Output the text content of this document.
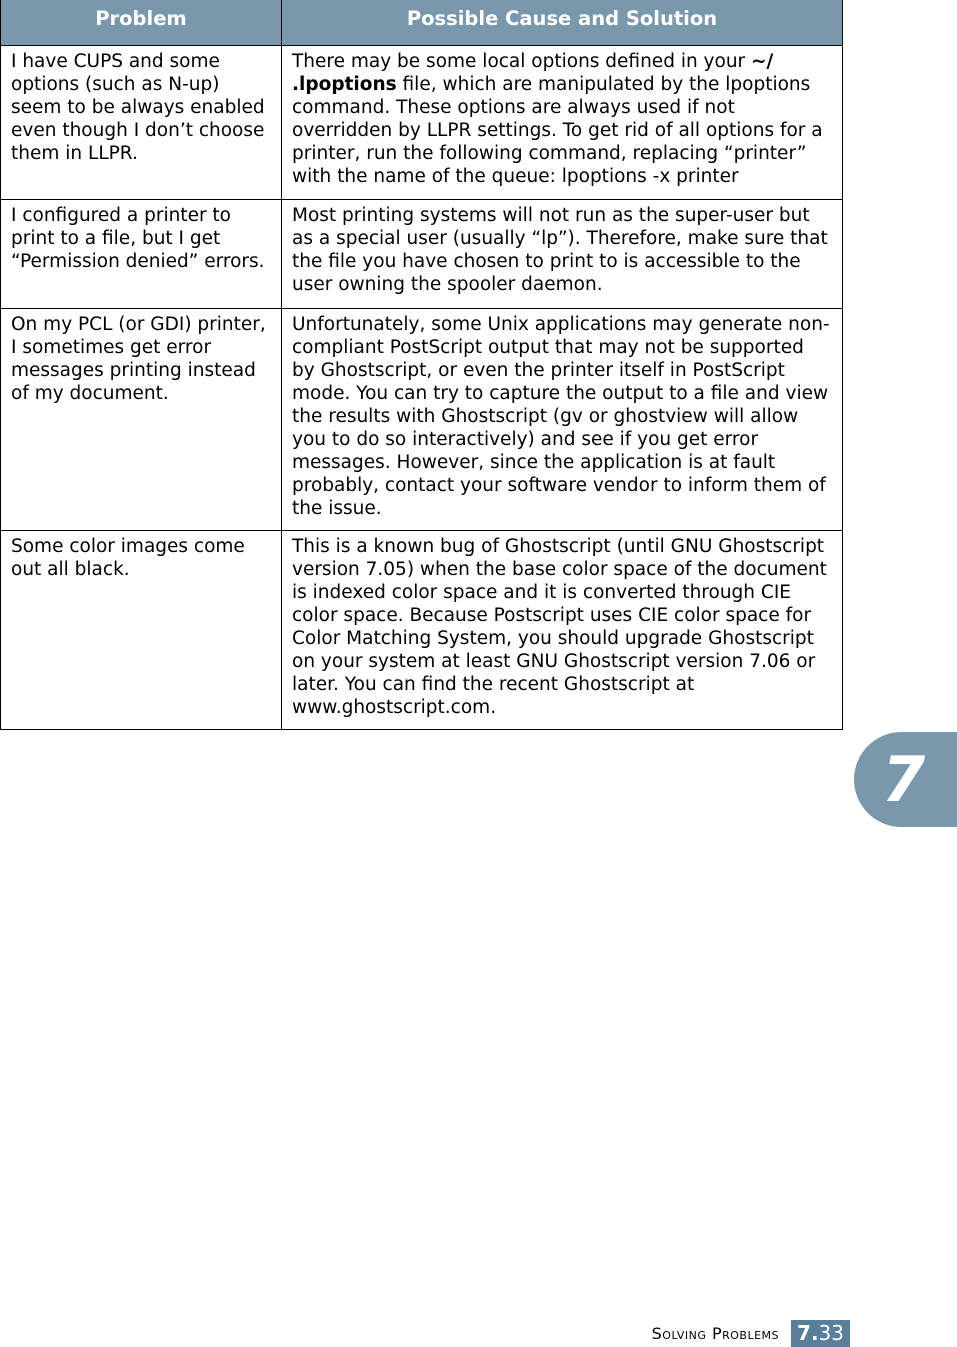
Problem	Possible Cause and Solution
I have CUPS and some options (such as N-up) seem to be always enabled even though I don’t choose them in LLPR.	There may be some local options defined in your ~/ .lpoptions file, which are manipulated by the lpoptions command. These options are always used if not overridden by LLPR settings. To get rid of all options for a printer, run the following command, replacing “printer” with the name of the queue: lpoptions -x printer
I configured a printer to print to a file, but I get “Permission denied” errors.	Most printing systems will not run as the super-user but as a special user (usually “lp”). Therefore, make sure that the file you have chosen to print to is accessible to the user owning the spooler daemon.
On my PCL (or GDI) printer, I sometimes get error messages printing instead of my document.	Unfortunately, some Unix applications may generate non-compliant PostScript output that may not be supported by Ghostscript, or even the printer itself in PostScript mode. You can try to capture the output to a file and view the results with Ghostscript (gv or ghostview will allow you to do so interactively) and see if you get error messages. However, since the application is at fault probably, contact your software vendor to inform them of the issue.
Some color images come out all black.	This is a known bug of Ghostscript (until GNU Ghostscript version 7.05) when the base color space of the document is indexed color space and it is converted through CIE color space. Because Postscript uses CIE color space for Color Matching System, you should upgrade Ghostscript on your system at least GNU Ghostscript version 7.06 or later. You can find the recent Ghostscript at www.ghostscript.com.
7
Solving Problems 7. 33
